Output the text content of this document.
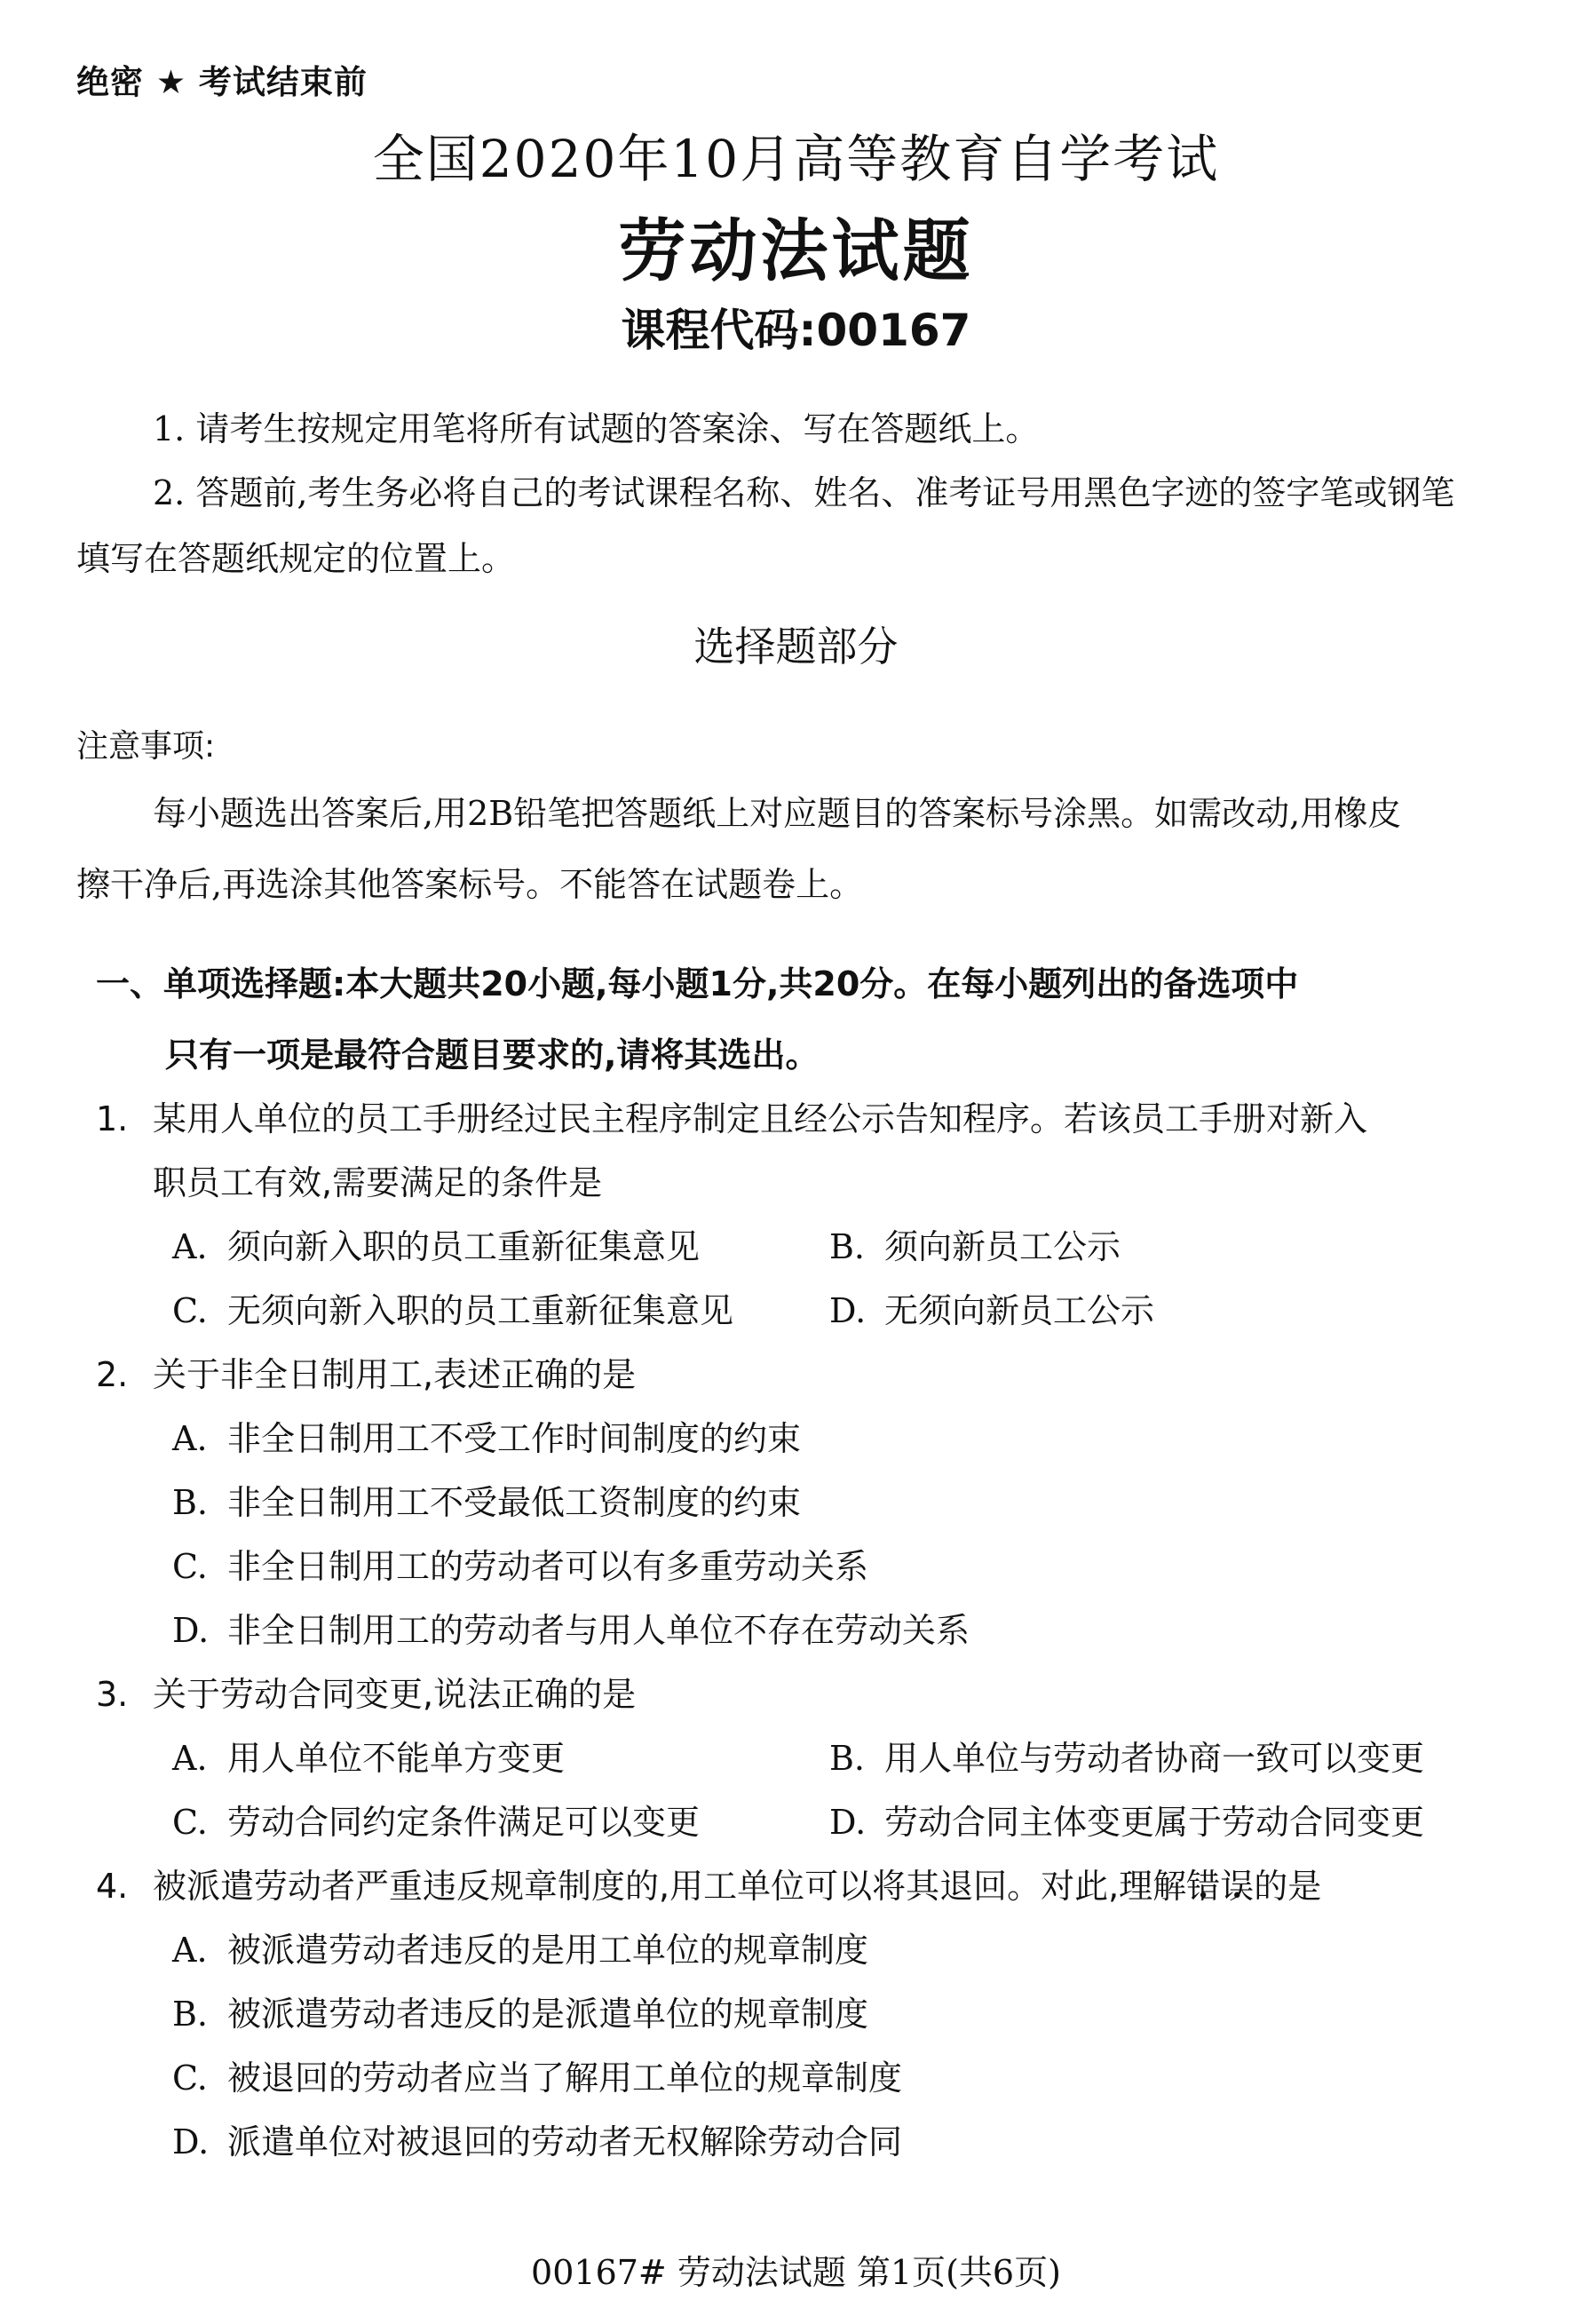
绝密 ★ 考试结束前
全国2020年10月高等教育自学考试
劳动法试题
课程代码:00167
1. 请考生按规定用笔将所有试题的答案涂、写在答题纸上。
2. 答题前,考生务必将自己的考试课程名称、姓名、准考证号用黑色字迹的签字笔或钢笔
填写在答题纸规定的位置上。
选择题部分
注意事项:
每小题选出答案后,用2B铅笔把答题纸上对应题目的答案标号涂黑。如需改动,用橡皮
擦干净后,再选涂其他答案标号。不能答在试题卷上。
一、单项选择题:本大题共20小题,每小题1分,共20分。在每小题列出的备选项中
只有一项是最符合题目要求的,请将其选出。
1. 某用人单位的员工手册经过民主程序制定且经公示告知程序。若该员工手册对新入
职员工有效,需要满足的条件是
A. 须向新入职的员工重新征集意见	B. 须向新员工公示
C. 无须向新入职的员工重新征集意见	D. 无须向新员工公示
2. 关于非全日制用工,表述正确的是
A. 非全日制用工不受工作时间制度的约束
B. 非全日制用工不受最低工资制度的约束
C. 非全日制用工的劳动者可以有多重劳动关系
D. 非全日制用工的劳动者与用人单位不存在劳动关系
3. 关于劳动合同变更,说法正确的是
A. 用人单位不能单方变更	B. 用人单位与劳动者协商一致可以变更
C. 劳动合同约定条件满足可以变更	D. 劳动合同主体变更属于劳动合同变更
4. 被派遣劳动者严重违反规章制度的,用工单位可以将其退回。对此,理解错误的是
A. 被派遣劳动者违反的是用工单位的规章制度
B. 被派遣劳动者违反的是派遣单位的规章制度
C. 被退回的劳动者应当了解用工单位的规章制度
D. 派遣单位对被退回的劳动者无权解除劳动合同
00167# 劳动法试题 第1页(共6页)
